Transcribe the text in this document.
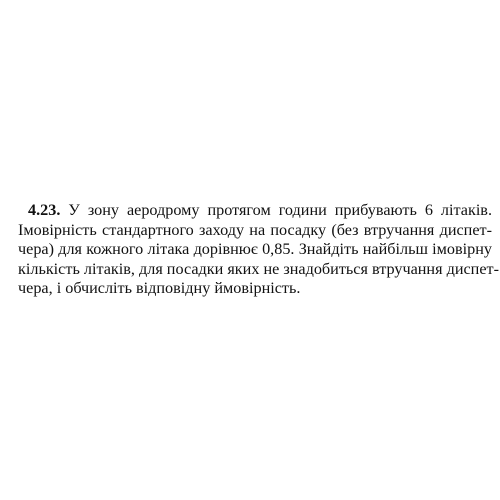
4.23. У зону аеродрому протягом години прибувають 6 літаків.
Імовірність стандартного заходу на посадку (без втручання диспет-
чера) для кожного літака дорівнює 0,85. Знайдіть найбільш імовірну
кількість літаків, для посадки яких не знадобиться втручання диспет-
чера, і обчисліть відповідну ймовірність.
